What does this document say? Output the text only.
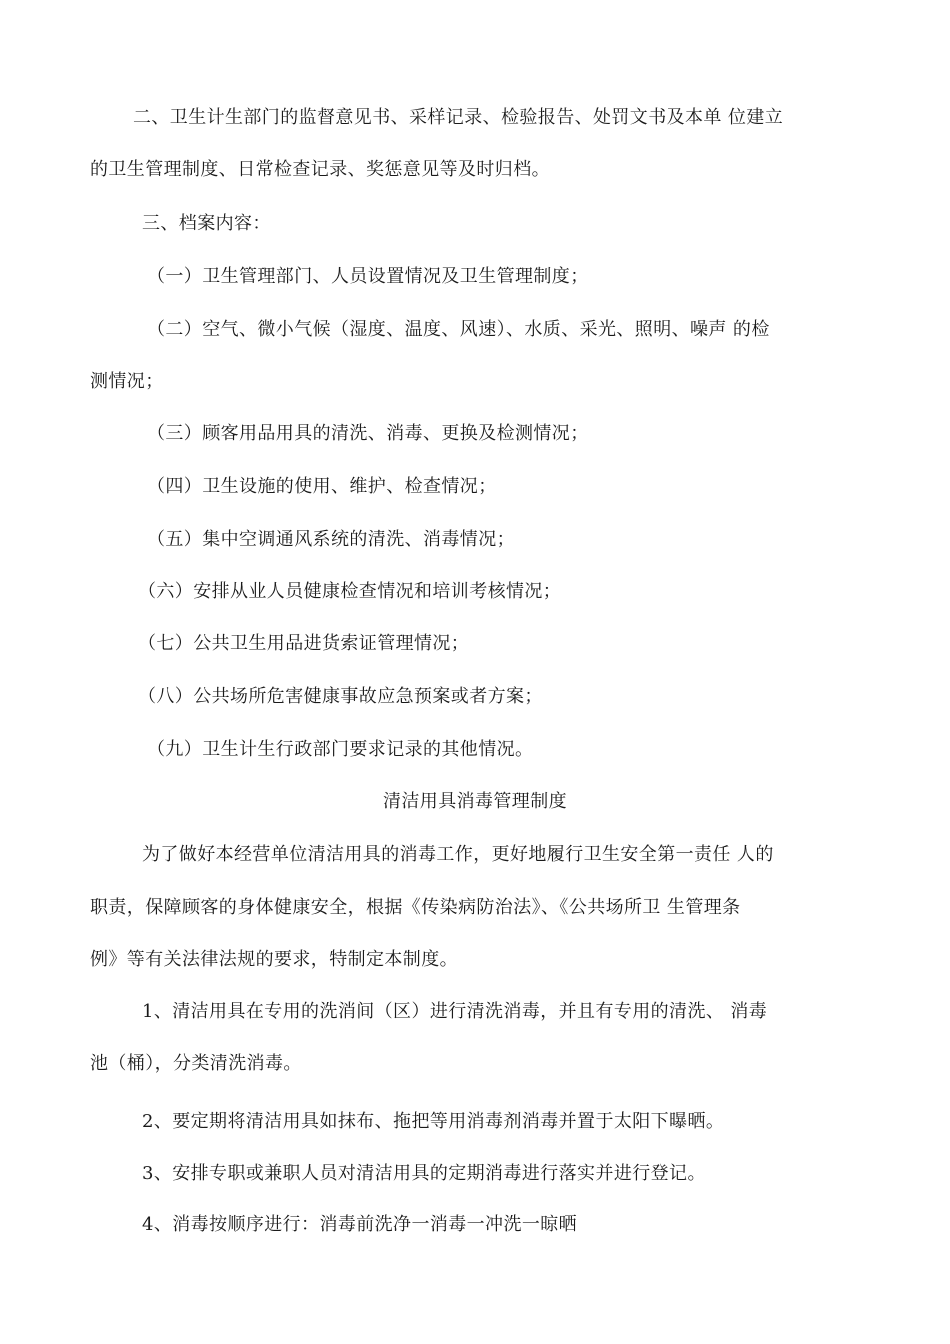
二、卫生计生部门的监督意见书、采样记录、检验报告、处罚文书及本单 位建立
的卫生管理制度、日常检查记录、奖惩意见等及时归档。
三、档案内容：
（一）卫生管理部门、人员设置情况及卫生管理制度；
（二）空气、微小气候（湿度、温度、风速）、水质、采光、照明、噪声 的检
测情况；
（三）顾客用品用具的清洗、消毒、更换及检测情况；
（四）卫生设施的使用、维护、检查情况；
（五）集中空调通风系统的清洗、消毒情况；
（六）安排从业人员健康检查情况和培训考核情况；
（七）公共卫生用品进货索证管理情况；
（八）公共场所危害健康事故应急预案或者方案；
（九）卫生计生行政部门要求记录的其他情况。
清洁用具消毒管理制度
为了做好本经营单位清洁用具的消毒工作，更好地履行卫生安全第一责任 人的
职责，保障顾客的身体健康安全，根据《传染病防治法》、《公共场所卫 生管理条
例》等有关法律法规的要求，特制定本制度。
1、清洁用具在专用的洗消间（区）进行清洗消毒，并且有专用的清洗、 消毒
池（桶），分类清洗消毒。
2、要定期将清洁用具如抹布、拖把等用消毒剂消毒并置于太阳下曝晒。
3、安排专职或兼职人员对清洁用具的定期消毒进行落实并进行登记。
4、消毒按顺序进行：消毒前洗净一消毒一冲洗一晾晒
